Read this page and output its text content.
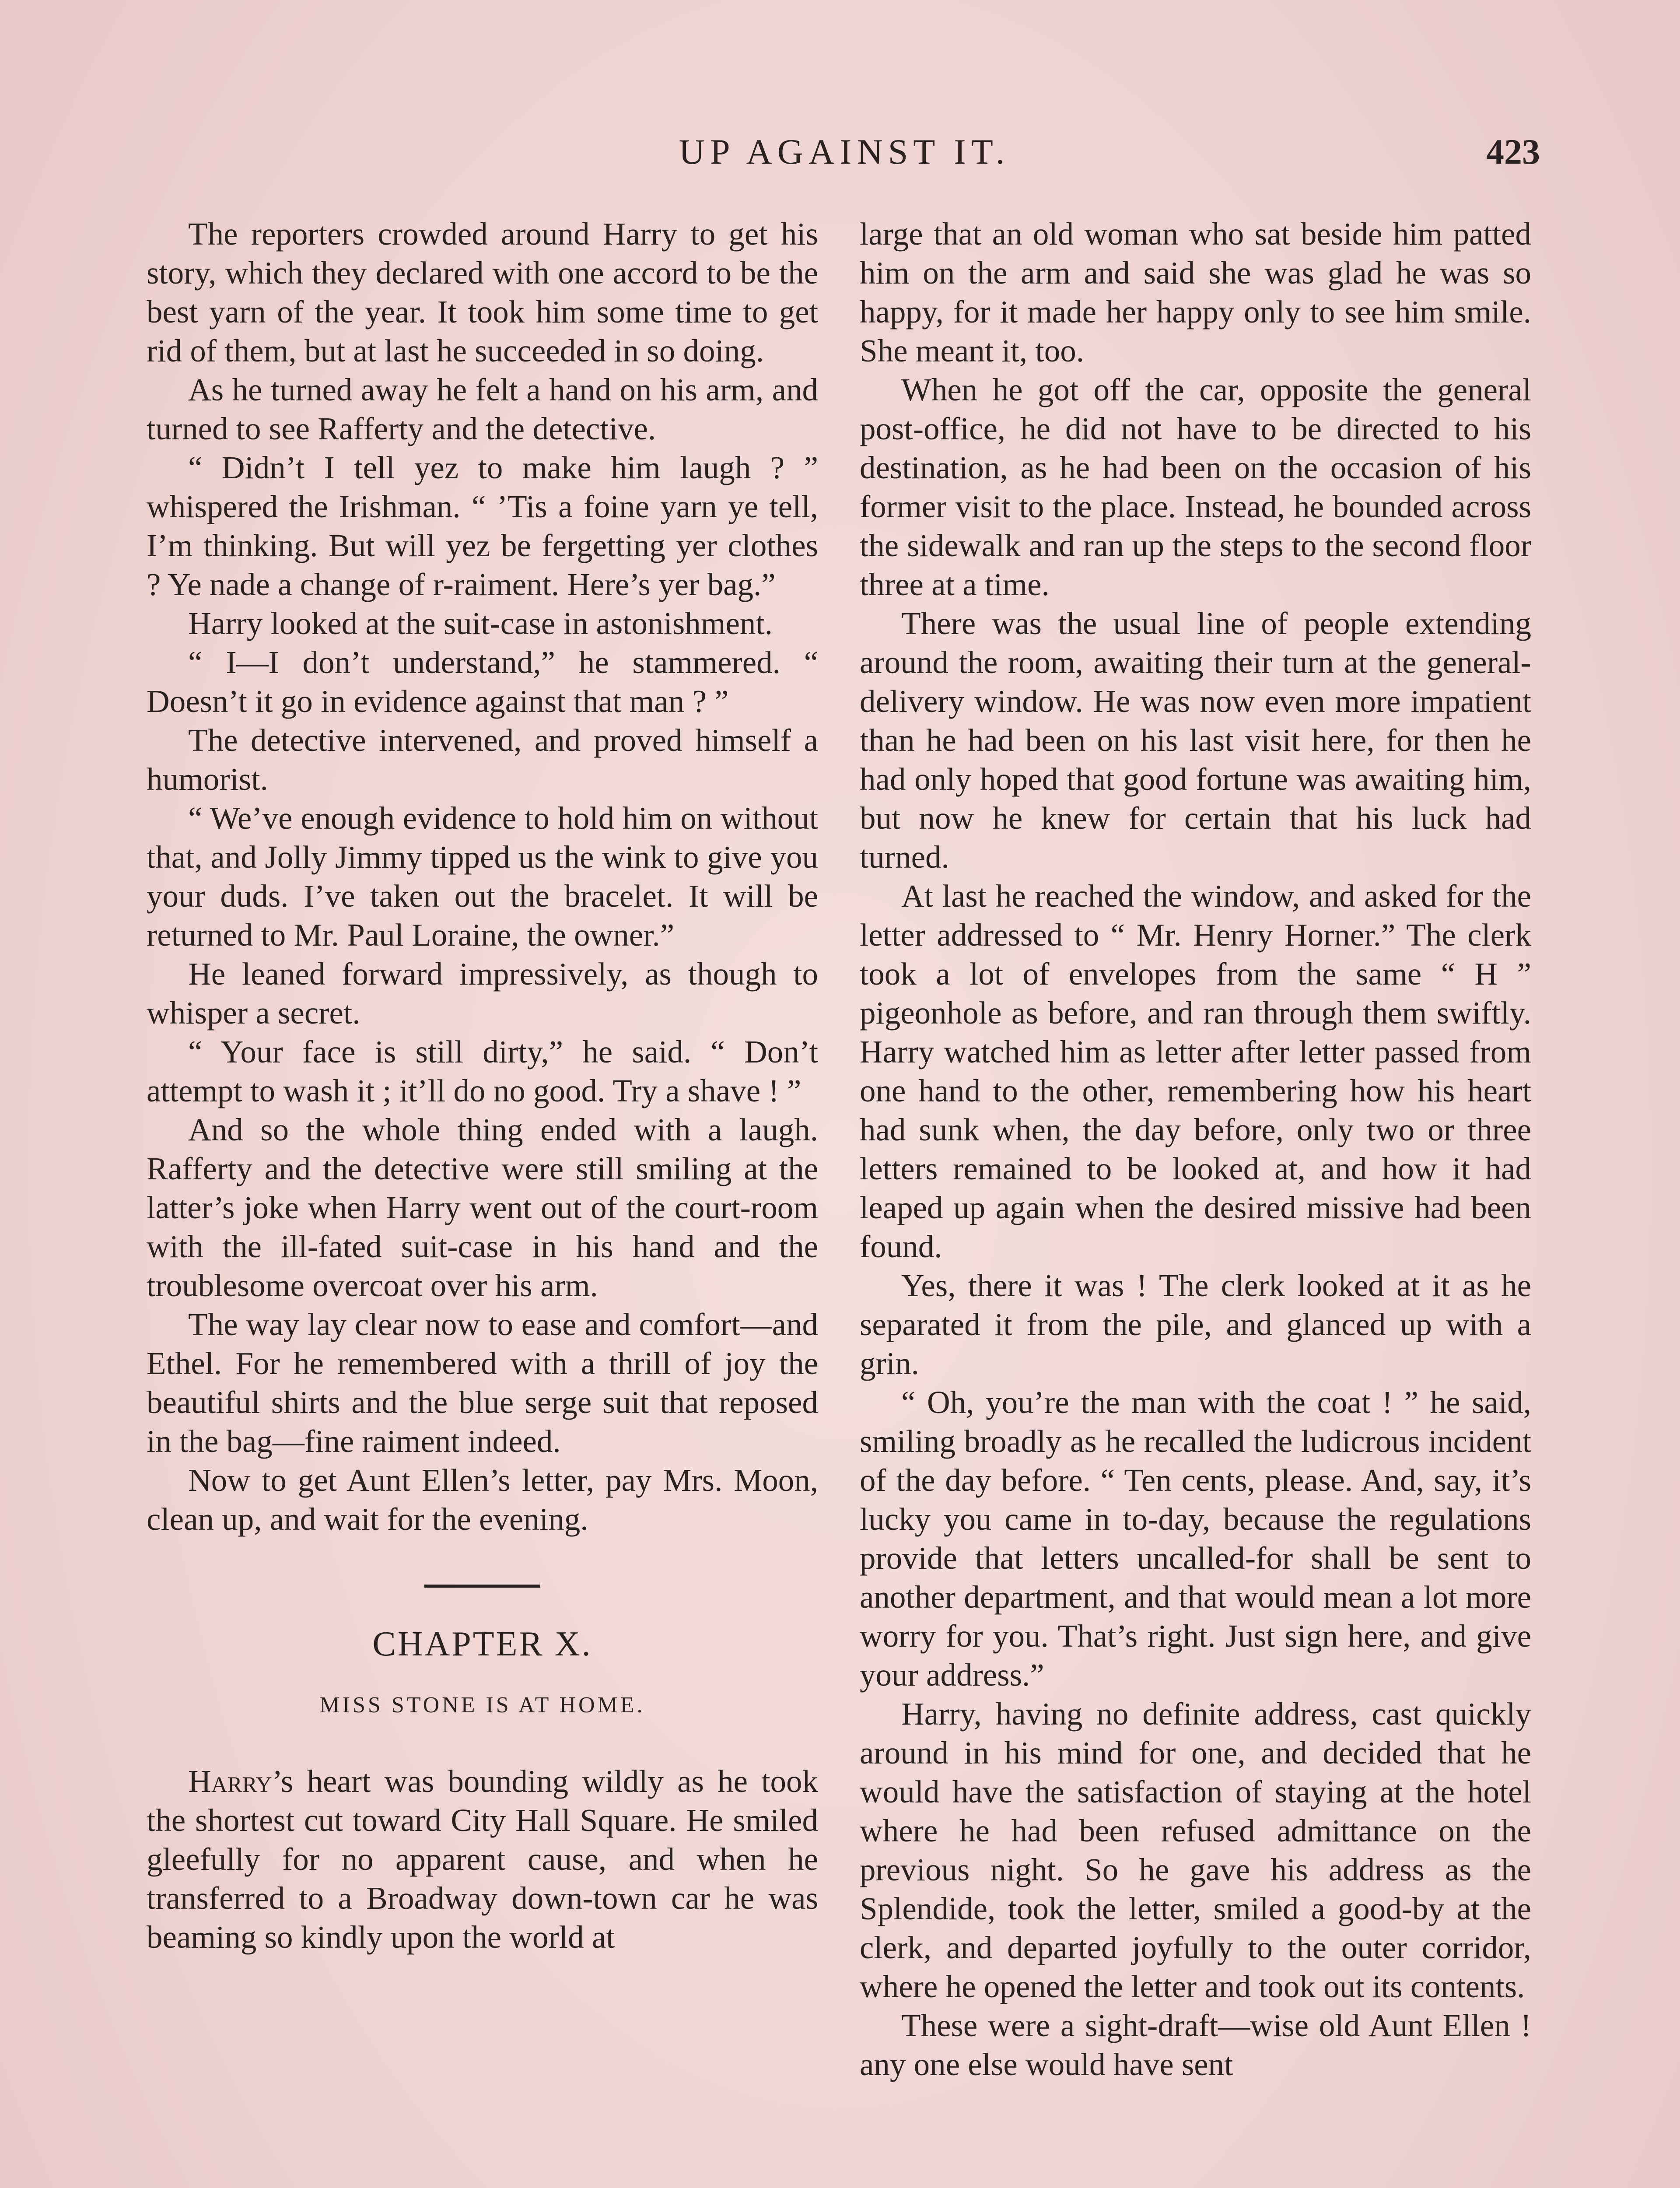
UP AGAINST IT.	423

The reporters crowded around Harry to get his story, which they declared with one accord to be the best yarn of the year. It took him some time to get rid of them, but at last he succeeded in so doing.

As he turned away he felt a hand on his arm, and turned to see Rafferty and the detective.

“ Didn’t I tell yez to make him laugh ? ” whispered the Irishman. “ ’Tis a foine yarn ye tell, I’m thinking. But will yez be fergetting yer clothes ? Ye nade a change of r-raiment. Here’s yer bag.”

Harry looked at the suit-case in astonishment.

“ I—I don’t understand,” he stammered. “ Doesn’t it go in evidence against that man ? ”

The detective intervened, and proved himself a humorist.

“ We’ve enough evidence to hold him on without that, and Jolly Jimmy tipped us the wink to give you your duds. I’ve taken out the bracelet. It will be returned to Mr. Paul Loraine, the owner.”

He leaned forward impressively, as though to whisper a secret.

“ Your face is still dirty,” he said. “ Don’t attempt to wash it ; it’ll do no good. Try a shave ! ”

And so the whole thing ended with a laugh. Rafferty and the detective were still smiling at the latter’s joke when Harry went out of the court-room with the ill-fated suit-case in his hand and the troublesome overcoat over his arm.

The way lay clear now to ease and comfort—and Ethel. For he remembered with a thrill of joy the beautiful shirts and the blue serge suit that reposed in the bag—fine raiment indeed.

Now to get Aunt Ellen’s letter, pay Mrs. Moon, clean up, and wait for the evening.

CHAPTER X.
MISS STONE IS AT HOME.

Harry’s heart was bounding wildly as he took the shortest cut toward City Hall Square. He smiled gleefully for no apparent cause, and when he transferred to a Broadway down-town car he was beaming so kindly upon the world at

large that an old woman who sat beside him patted him on the arm and said she was glad he was so happy, for it made her happy only to see him smile. She meant it, too.

When he got off the car, opposite the general post-office, he did not have to be directed to his destination, as he had been on the occasion of his former visit to the place. Instead, he bounded across the sidewalk and ran up the steps to the second floor three at a time.

There was the usual line of people extending around the room, awaiting their turn at the general-delivery window. He was now even more impatient than he had been on his last visit here, for then he had only hoped that good fortune was awaiting him, but now he knew for certain that his luck had turned.

At last he reached the window, and asked for the letter addressed to “ Mr. Henry Horner.” The clerk took a lot of envelopes from the same “ H ” pigeonhole as before, and ran through them swiftly. Harry watched him as letter after letter passed from one hand to the other, remembering how his heart had sunk when, the day before, only two or three letters remained to be looked at, and how it had leaped up again when the desired missive had been found.

Yes, there it was ! The clerk looked at it as he separated it from the pile, and glanced up with a grin.

“ Oh, you’re the man with the coat ! ” he said, smiling broadly as he recalled the ludicrous incident of the day before. “ Ten cents, please. And, say, it’s lucky you came in to-day, because the regulations provide that letters uncalled-for shall be sent to another department, and that would mean a lot more worry for you. That’s right. Just sign here, and give your address.”

Harry, having no definite address, cast quickly around in his mind for one, and decided that he would have the satisfaction of staying at the hotel where he had been refused admittance on the previous night. So he gave his address as the Splendide, took the letter, smiled a good-by at the clerk, and departed joyfully to the outer corridor, where he opened the letter and took out its contents.

These were a sight-draft—wise old Aunt Ellen ! any one else would have sent
